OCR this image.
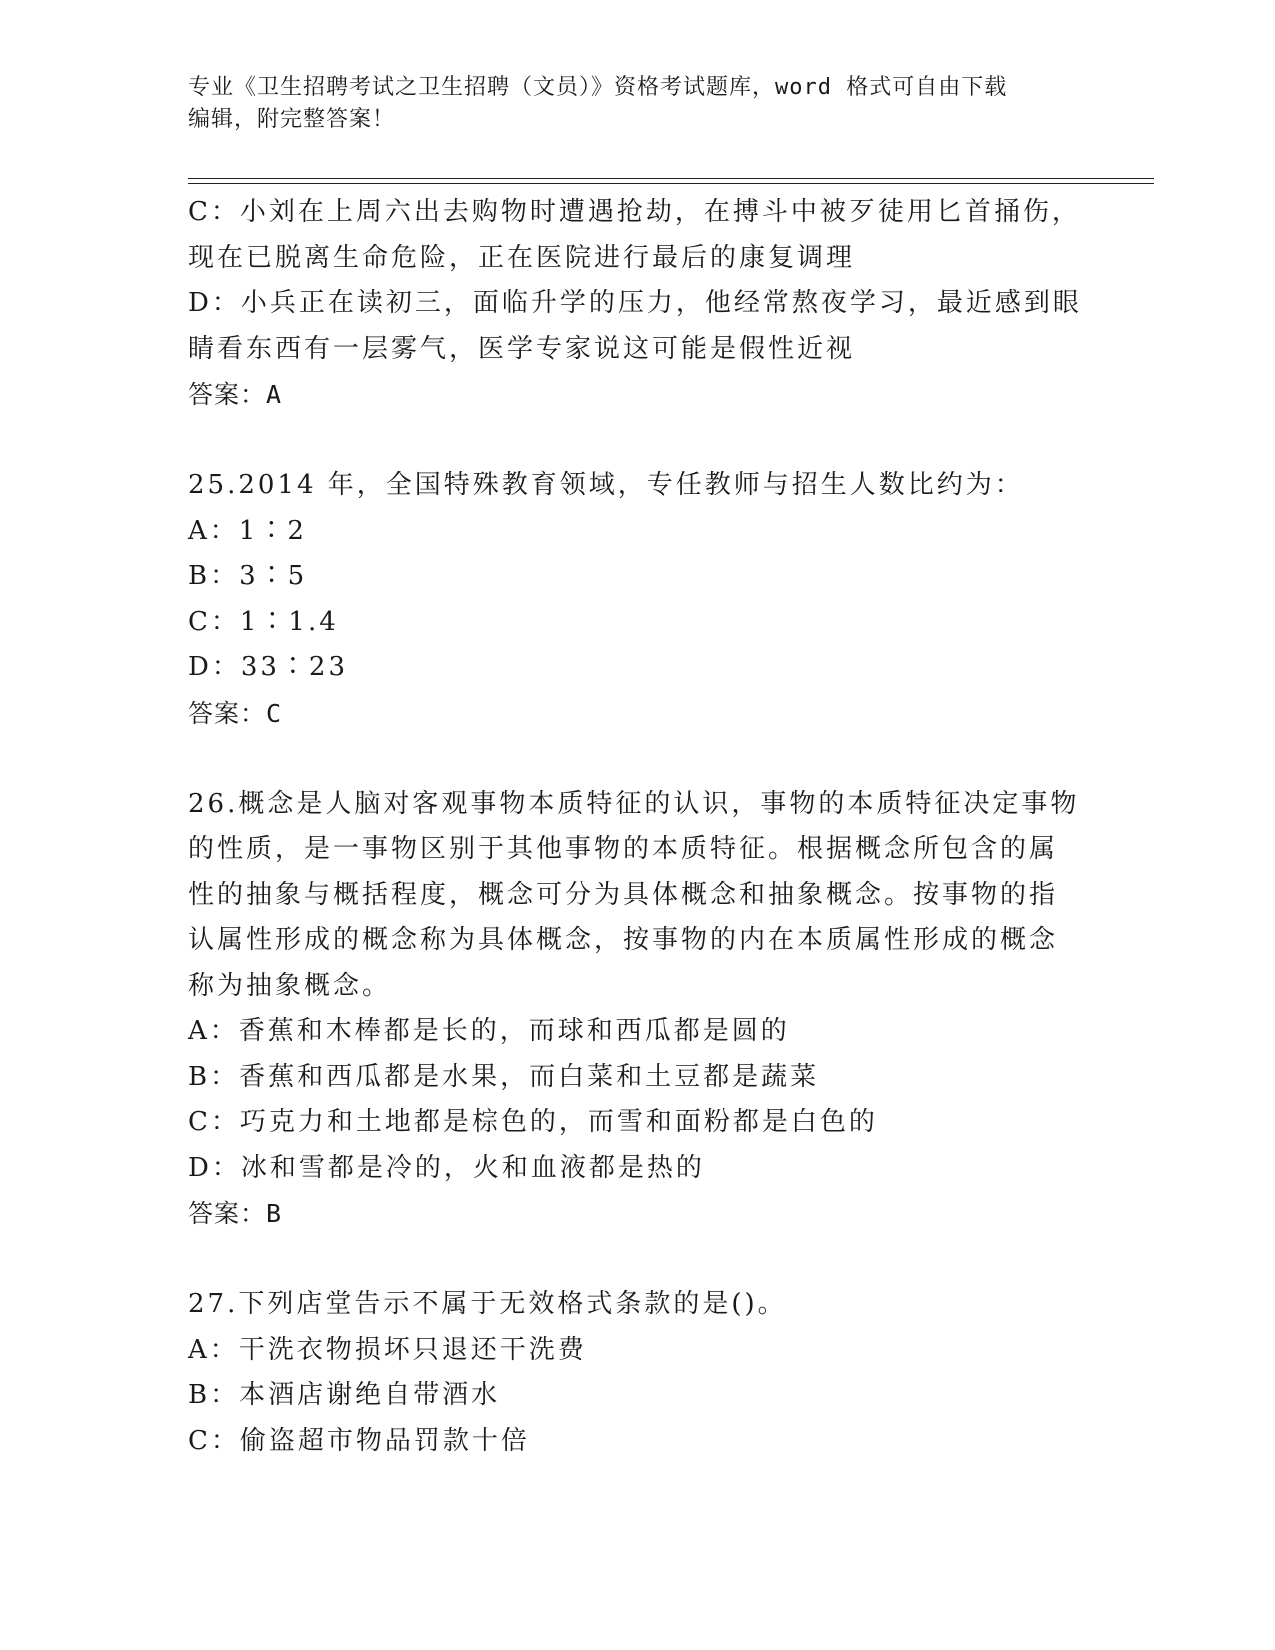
专业《卫生招聘考试之卫生招聘（文员）》资格考试题库，word 格式可自由下载
编辑，附完整答案！
C：小刘在上周六出去购物时遭遇抢劫，在搏斗中被歹徒用匕首捅伤，
现在已脱离生命危险，正在医院进行最后的康复调理
D：小兵正在读初三，面临升学的压力，他经常熬夜学习，最近感到眼
睛看东西有一层雾气，医学专家说这可能是假性近视
答案：A
25.2014 年，全国特殊教育领域，专任教师与招生人数比约为：
A：1∶2
B：3∶5
C：1∶1.4
D：33∶23
答案：C
26.概念是人脑对客观事物本质特征的认识，事物的本质特征决定事物
的性质，是一事物区别于其他事物的本质特征。根据概念所包含的属
性的抽象与概括程度，概念可分为具体概念和抽象概念。按事物的指
认属性形成的概念称为具体概念，按事物的内在本质属性形成的概念
称为抽象概念。
A：香蕉和木棒都是长的，而球和西瓜都是圆的
B：香蕉和西瓜都是水果，而白菜和土豆都是蔬菜
C：巧克力和土地都是棕色的，而雪和面粉都是白色的
D：冰和雪都是冷的，火和血液都是热的
答案：B
27.下列店堂告示不属于无效格式条款的是()。
A：干洗衣物损坏只退还干洗费
B：本酒店谢绝自带酒水
C：偷盗超市物品罚款十倍
